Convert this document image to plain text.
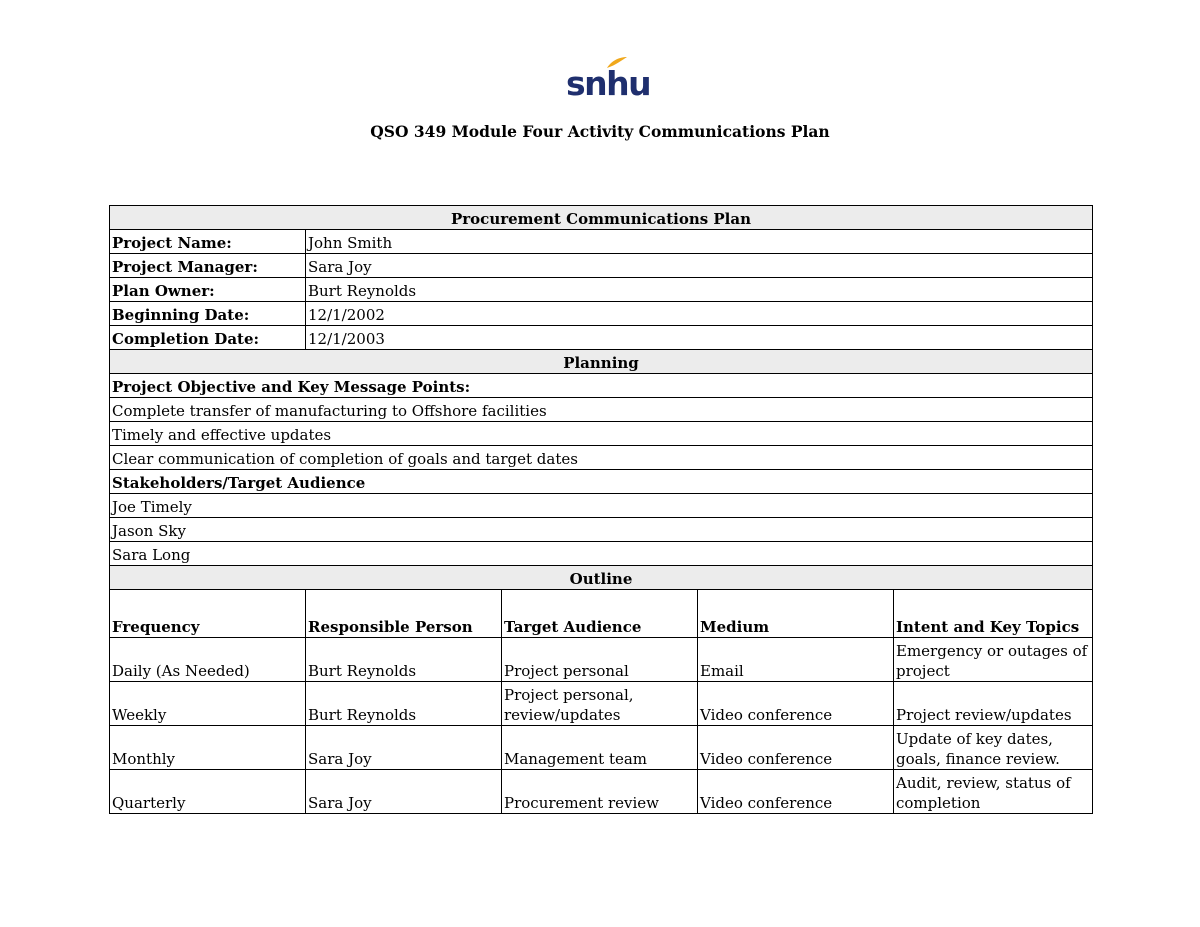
snhu
QSO 349 Module Four Activity Communications Plan
Procurement Communications Plan				
Project Name:	John Smith			
Project Manager:	Sara Joy			
Plan Owner:	Burt Reynolds			
Beginning Date:	12/1/2002			
Completion Date:	12/1/2003			
Planning				
Project Objective and Key Message Points:				
Complete transfer of manufacturing to Offshore facilities				
Timely and effective updates				
Clear communication of completion of goals and target dates				
Stakeholders/Target Audience				
Joe Timely				
Jason Sky				
Sara Long				
Outline				
Frequency	Responsible Person	Target Audience	Medium	Intent and Key Topics
Daily (As Needed)	Burt Reynolds	Project personal	Email	Emergency or outages of project
Weekly	Burt Reynolds	Project personal, review/updates	Video conference	Project review/updates
Monthly	Sara Joy	Management team	Video conference	Update of key dates, goals, finance review.
Quarterly	Sara Joy	Procurement review	Video conference	Audit, review, status of completion
